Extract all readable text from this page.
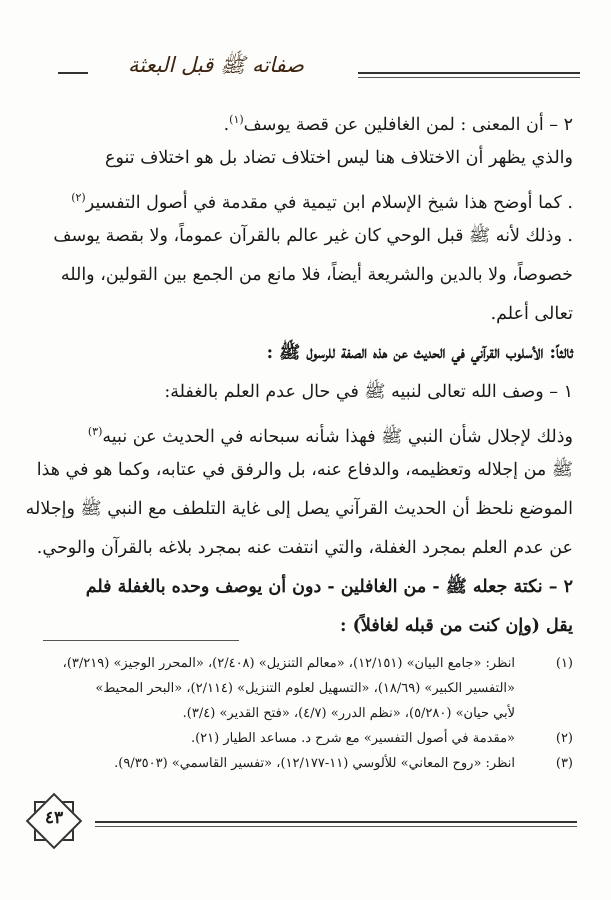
صفاته ﷺ قبل البعثة
٢ – أن المعنى : لمن الغافلين عن قصة يوسف$^{(١)}$.
والذي يظهر أن الاختلاف هنا ليس اختلاف تضاد بل هو اختلاف تنوع
. كما أوضح هذا شيخ الإسلام ابن تيمية في مقدمة في أصول التفسير$^{(٢)}$
. وذلك لأنه ﷺ قبل الوحي كان غير عالم بالقرآن عموماً، ولا بقصة يوسف
خصوصاً، ولا بالدين والشريعة أيضاً، فلا مانع من الجمع بين القولين، والله
تعالى أعلم.
ثالثاً: الأسلوب القرآني في الحديث عن هذه الصفة للرسول ﷺ :
١ – وصف الله تعالى لنبيه ﷺ في حال عدم العلم بالغفلة:
وذلك لإجلال شأن النبي ﷺ فهذا شأنه سبحانه في الحديث عن نبيه$^{(٣)}$
ﷺ من إجلاله وتعظيمه، والدفاع عنه، بل والرفق في عتابه، وكما هو في هذا
الموضع نلحظ أن الحديث القرآني يصل إلى غاية التلطف مع النبي ﷺ وإجلاله
عن عدم العلم بمجرد الغفلة، والتي انتفت عنه بمجرد بلاغه بالقرآن والوحي.
٢ – نكتة جعله ﷺ - من الغافلين - دون أن يوصف وحده بالغفلة فلم
يقل (وإن كنت من قبله لغافلاً) :
(١)
انظر: «جامع البيان» (١٢/١٥١)، «معالم التنزيل» (٢/٤٠٨)، «المحرر الوجيز» (٣/٢١٩)،
«التفسير الكبير» (١٨/٦٩)، «التسهيل لعلوم التنزيل» (٢/١١٤)، «البحر المحيط»
لأبي حيان» (٥/٢٨٠)، «نظم الدرر» (٤/٧)، «فتح القدير» (٣/٤).
(٢)
«مقدمة في أصول التفسير» مع شرح د. مساعد الطيار (٢١).
(٣)
انظر: «روح المعاني» للألوسي (١١-١٢/١٧٧)، «تفسير القاسمي» (٩/٣٥٠٣).
٤٣
